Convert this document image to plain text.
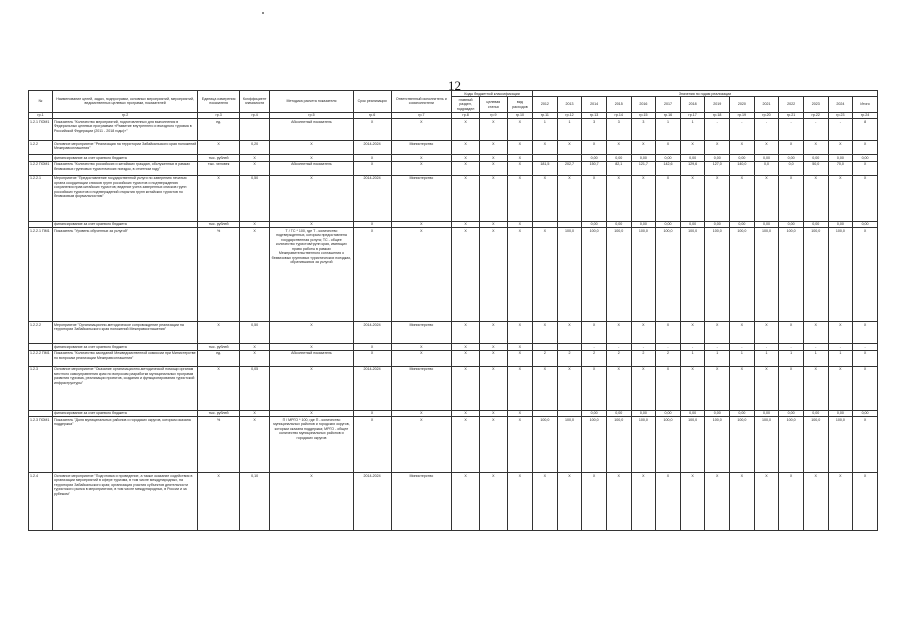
12
№	Наименование целей, задач, подпрограмм, основных мероприятий, мероприятий, ведомственных целевых программ, показателей	Единица измерения показателя	Коэффициент значимости	Методика расчета показателя	Срок реализации	Ответственный исполнитель и соисполнители	Коды бюджетной классификации			Значения по годам реализации													
							главный раздел, подраздел	целевая статья	вид расходов	2012	2013	2014	2015	2016	2017	2018	2019	2020	2021	2022	2023	2024	Итого
гр.1	гр.2	гр.3	гр.4	гр.5	гр.6	гр.7	гр.8	гр.9	гр.10	гр.11	гр.12	гр.13	гр.14	гр.15	гр.16	гр.17	гр.18	гр.19	гр.20	гр.21	гр.22	гр.23	гр.24
1.2.1 ПОМ1	Показатель "Количество мероприятий, подготовленных для выполнения в Федеральных целевых программах «Развитие внутреннего и въездного туризма в Российской Федерации (2011 - 2018 годы)»"	ед.		Абсолютный показатель	Х	Х	Х	Х	Х	1	1	3	3	3	1	1	-	-	-	-	-	-	8
1.2.2	Основное мероприятие "Реализация на территории Забайкальского края положений Межправсоглашения"	Х	0,20	Х	2014-2024	Министерство	Х	Х	Х	Х	Х	Х	Х	Х	Х	Х	Х	Х	Х	Х	Х	Х	Х
	финансирование за счет краевого бюджета	тыс. рублей	Х	Х	Х	Х	Х	Х	Х			0,00	0,00	0,00	0,00	0,00	0,00	0,00	0,00	0,00	0,00	0,00	0,00
1.2.2 ПОМ1	Показатель "Количество российских и китайских граждан, обслуженных в рамках безвизовых групповых туристических поездок, в отчетном году"	тыс. человек	Х	Абсолютный показатель	Х	Х	Х	Х	Х	181,5	202,7	150,7	82,1	121,7	142,6	129,6	127,0	140,0	0,0	0,0	50,0	70,0	Х
1.2.2.1	Мероприятие "Предоставление государственной услуги по заверению печатью органа координации списков групп российских туристов и подтверждению сохранения прав китайских туристов; ведение учета заверенных списков групп российских туристов и подтверждений открытия групп китайских туристов по безвизовым формальностям"	Х	0,50	Х	2014-2024	Министерство	Х	Х	Х	Х	Х	Х	Х	Х	Х	Х	Х	Х	Х	Х	Х	Х	Х
	финансирование за счет краевого бюджета	тыс. рублей	Х	Х	Х	Х	Х	Х	Х			0,00	0,00	0,00	0,00	0,00	0,00	0,00	0,00	0,00	0,00	0,00	0,00
1.2.2.1 ПМ1	Показатель "Уровень обученных за услугой"	%	Х	Т / ТС * 100, где Т - количество подтвержденных, которым предоставлена государственная услуга; ТС - общее количество туристов/групп края, имеющих право работы в рамках Межправительственного соглашения о безвизовых групповых туристических поездках, обратившихся за услугой	Х	Х	Х	Х	Х	Х	100,0	100,0	100,0	100,0	100,0	100,0	100,0	100,0	100,0	100,0	100,0	100,0	Х
1.2.2.2	Мероприятие "Организационно-методическое сопровождение реализации на территории Забайкальского края положений Межправсоглашения"	Х	0,50	Х	2014-2024	Министерство	Х	Х	Х	Х	Х	Х	Х	Х	Х	Х	Х	Х	Х	Х	Х	Х	Х
	финансирование за счет краевого бюджета	тыс. рублей	Х	Х	Х	Х	Х	Х	Х			-	-	-	-	-	-	-	-	-	-	-	-
1.2.2.2 ПМ1	Показатель "Количество заседаний Межведомственной комиссии при Министерстве по вопросам реализации Межправсоглашения"	ед.	Х	Абсолютный показатель	Х	Х	Х	Х	Х	2	2	2	2	2	2	1	1	1	1	1	1	1	Х
1.2.3	Основное мероприятие "Оказание организационно-методической помощи органам местного самоуправления края по вопросам разработки муниципальных программ развития туризма, реализации проектов, создания и функционирования туристской инфраструктуры"	Х	0,05	Х	2014-2024	Министерство	Х	Х	Х	Х	Х	Х	Х	Х	Х	Х	Х	Х	Х	Х	Х	Х	Х
	финансирование за счет краевого бюджета	тыс. рублей	Х	Х	Х	Х	Х	Х	Х			0,00	0,00	0,00	0,00	0,00	0,00	0,00	0,00	0,00	0,00	0,00	0,00
1.2.3 ПОМ1	Показатель "Доля муниципальных районов и городских округов, которым оказана поддержка"	%	Х	П / МРГО * 100, где П - количество муниципальных районов и городских округов, которым оказана поддержка; МРГО - общее количество муниципальных районов и городских округов	Х	Х	Х	Х	Х	100,0	100,0	100,0	100,0	100,0	100,0	100,0	100,0	100,0	100,0	100,0	100,0	100,0	Х
1.2.4	Основное мероприятие "Подготовка и проведение, а также оказание содействия в организации мероприятий в сфере туризма, в том числе международных, на территории Забайкальского края; организация участия субъектов деятельности туристского рынка в мероприятиях, в том числе международных, в России и за рубежом"	Х	0,10	Х	2014-2024	Министерство	Х	Х	Х	Х	Х	Х	Х	Х	Х	Х	Х	Х	Х	Х	Х	Х	Х
